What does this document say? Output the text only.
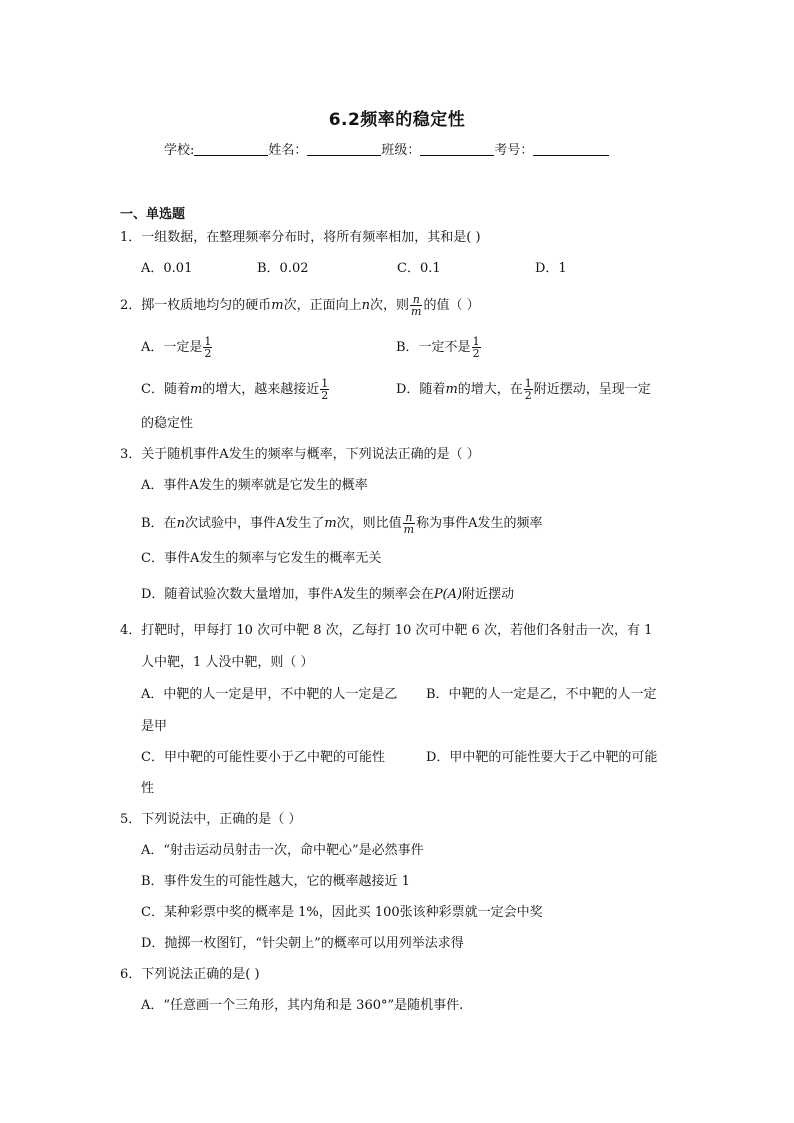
6.2频率的稳定性
学校:	姓名：	班级：	考号：
一、单选题
1．一组数据，在整理频率分布时，将所有频率相加，其和是( )
A．0.01	B．0.02	C．0.1	D．1
2．掷一枚质地均匀的硬币m次，正面向上n次，则 $\frac{n}{m}$ 的值（ ）
A．一定是 $\frac{1}{2}$	B．一定不是 $\frac{1}{2}$
C．随着m的增大，越来越接近 $\frac{1}{2}$	D．随着m的增大，在 $\frac{1}{2}$ 附近摆动，呈现一定
的稳定性
3．关于随机事件A发生的频率与概率，下列说法正确的是（ ）
A．事件A发生的频率就是它发生的概率
B．在n次试验中，事件A发生了m次，则比值 $\frac{n}{m}$ 称为事件A发生的频率
C．事件A发生的频率与它发生的概率无关
D．随着试验次数大量增加，事件A发生的频率会在P(A)附近摆动
4．打靶时，甲每打 10 次可中靶 8 次，乙每打 10 次可中靶 6 次，若他们各射击一次，有 1
人中靶，1 人没中靶，则（ ）
A．中靶的人一定是甲，不中靶的人一定是乙 B．中靶的人一定是乙，不中靶的人一定
是甲
C．甲中靶的可能性要小于乙中靶的可能性	D．甲中靶的可能性要大于乙中靶的可能
性
5．下列说法中，正确的是（ ）
A．“射击运动员射击一次，命中靶心”是必然事件
B．事件发生的可能性越大，它的概率越接近 1
C．某种彩票中奖的概率是 1%，因此买 100张该种彩票就一定会中奖
D．抛掷一枚图钉，“针尖朝上”的概率可以用列举法求得
6．下列说法正确的是( )
A．“任意画一个三角形，其内角和是 360°”是随机事件.
